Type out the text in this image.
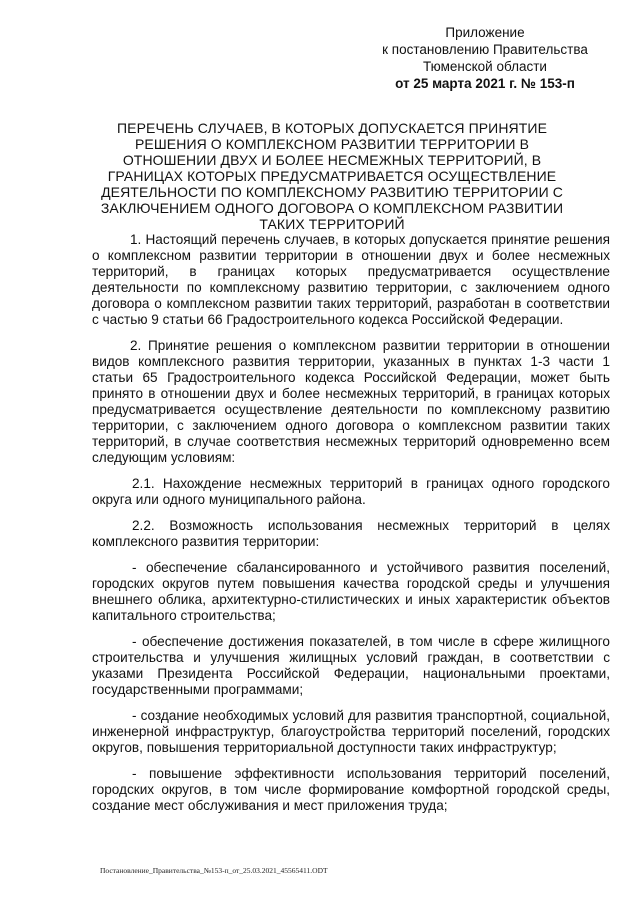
Приложение
к постановлению Правительства
Тюменской области
от 25 марта 2021 г. № 153-п
ПЕРЕЧЕНЬ СЛУЧАЕВ, В КОТОРЫХ ДОПУСКАЕТСЯ ПРИНЯТИЕ РЕШЕНИЯ О КОМПЛЕКСНОМ РАЗВИТИИ ТЕРРИТОРИИ В ОТНОШЕНИИ ДВУХ И БОЛЕЕ НЕСМЕЖНЫХ ТЕРРИТОРИЙ, В ГРАНИЦАХ КОТОРЫХ ПРЕДУСМАТРИВАЕТСЯ ОСУЩЕСТВЛЕНИЕ ДЕЯТЕЛЬНОСТИ ПО КОМПЛЕКСНОМУ РАЗВИТИЮ ТЕРРИТОРИИ С ЗАКЛЮЧЕНИЕМ ОДНОГО ДОГОВОРА О КОМПЛЕКСНОМ РАЗВИТИИ ТАКИХ ТЕРРИТОРИЙ

1. Настоящий перечень случаев, в которых допускается принятие решения о комплексном развитии территории в отношении двух и более несмежных территорий, в границах которых предусматривается осуществление деятельности по комплексному развитию территории, с заключением одного договора о комплексном развитии таких территорий, разработан в соответствии с частью 9 статьи 66 Градостроительного кодекса Российской Федерации.

2. Принятие решения о комплексном развитии территории в отношении видов комплексного развития территории, указанных в пунктах 1-3 части 1 статьи 65 Градостроительного кодекса Российской Федерации, может быть принято в отношении двух и более несмежных территорий, в границах которых предусматривается осуществление деятельности по комплексному развитию территории, с заключением одного договора о комплексном развитии таких территорий, в случае соответствия несмежных территорий одновременно всем следующим условиям:

2.1. Нахождение несмежных территорий в границах одного городского округа или одного муниципального района.

2.2. Возможность использования несмежных территорий в целях комплексного развития территории:

- обеспечение сбалансированного и устойчивого развития поселений, городских округов путем повышения качества городской среды и улучшения внешнего облика, архитектурно-стилистических и иных характеристик объектов капитального строительства;

- обеспечение достижения показателей, в том числе в сфере жилищного строительства и улучшения жилищных условий граждан, в соответствии с указами Президента Российской Федерации, национальными проектами, государственными программами;

- создание необходимых условий для развития транспортной, социальной, инженерной инфраструктур, благоустройства территорий поселений, городских округов, повышения территориальной доступности таких инфраструктур;

- повышение эффективности использования территорий поселений, городских округов, в том числе формирование комфортной городской среды, создание мест обслуживания и мест приложения труда;

Постановление_Правительства_№153-п_от_25.03.2021_45565411.ODT
